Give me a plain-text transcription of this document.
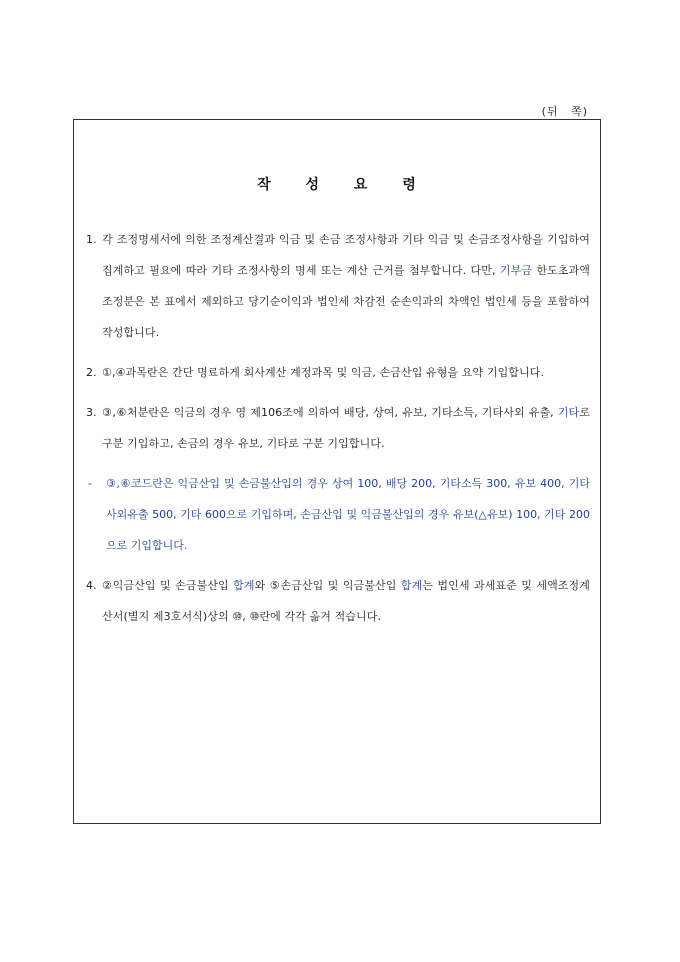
(뒤 쪽)
작 성 요 령
1. 각 조정명세서에 의한 조정계산결과 익금 및 손금 조정사항과 기타 익금 및 손금조정사항을 기입하여 집계하고 필요에 따라 기타 조정사항의 명세 또는 계산 근거를 첨부합니다. 다만, 기부금 한도초과액 조정분은 본 표에서 제외하고 당기순이익과 법인세 차감전 순손익과의 차액인 법인세 등을 포함하여 작성합니다.
2. ①,④과목란은 간단 명료하게 회사계산 계정과목 및 익금, 손금산입 유형을 요약 기입합니다.
3. ③,⑥처분란은 익금의 경우 영 제106조에 의하여 배당, 상여, 유보, 기타소득, 기타사외 유출, 기타로 구분 기입하고, 손금의 경우 유보, 기타로 구분 기입합니다.
- ③,⑥코드란은 익금산입 및 손금불산입의 경우 상여 100, 배당 200, 기타소득 300, 유보 400, 기타사외유출 500, 기타 600으로 기입하며, 손금산입 및 익금불산입의 경우 유보(△유보) 100, 기타 200으로 기입합니다.
4. ②익금산입 및 손금불산입 합계와 ⑤손금산입 및 익금불산입 합계는 법인세 과세표준 및 세액조정계산서(별지 제3호서식)상의 ⑩, ⑩란에 각각 옮겨 적습니다.
